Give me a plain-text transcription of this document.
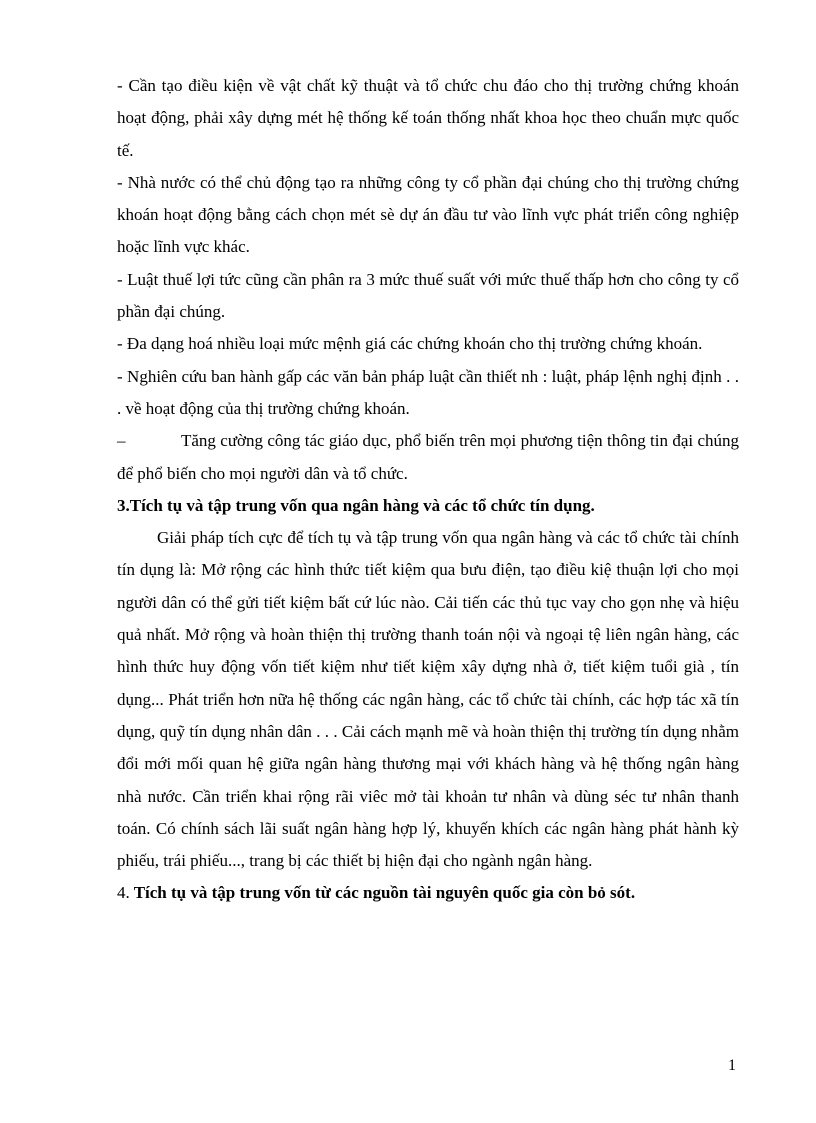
- Cần tạo điều kiện về vật chất kỹ thuật và tổ chức chu đáo cho thị trường chứng khoán hoạt động, phải xây dựng mét hệ thống kế toán thống nhất khoa học theo chuẩn mực quốc tế.

- Nhà nước có thể chủ động tạo ra những công ty cổ phần đại chúng cho thị trường chứng khoán hoạt động bằng cách chọn mét sè dự án đầu tư vào lĩnh vực phát triển công nghiệp hoặc lĩnh vực khác.

- Luật thuế lợi tức cũng cần phân ra 3 mức thuế suất với mức thuế thấp hơn cho công ty cổ phần đại chúng.

- Đa dạng hoá nhiều loại mức mệnh giá các chứng khoán cho thị trường chứng khoán.

- Nghiên cứu ban hành gấp các văn bản pháp luật cần thiết nh : luật, pháp lệnh nghị định . . . về hoạt động của thị trường chứng khoán.

–	Tăng cường công tác giáo dục, phổ biến trên mọi phương tiện thông tin đại chúng để phổ biến cho mọi người dân và tổ chức.

3.Tích tụ và tập trung vốn qua ngân hàng và các tổ chức tín dụng.

Giải pháp tích cực để tích tụ và tập trung vốn qua ngân hàng và các tổ chức tài chính tín dụng là: Mở rộng các hình thức tiết kiệm qua bưu điện, tạo điều kiệ thuận lợi cho mọi người dân có thể gửi tiết kiệm bất cứ lúc nào. Cải tiến các thủ tục vay cho gọn nhẹ và hiệu quả nhất. Mở rộng và hoàn thiện thị trường thanh toán nội và ngoại tệ liên ngân hàng, các hình thức huy động vốn tiết kiệm như tiết kiệm xây dựng nhà ở, tiết kiệm tuổi già , tín dụng... Phát triển hơn nữa hệ thống các ngân hàng, các tổ chức tài chính, các hợp tác xã tín dụng, quỹ tín dụng nhân dân . . . Cải cách mạnh mẽ và hoàn thiện thị trường tín dụng nhằm đổi mới mối quan hệ giữa ngân hàng thương mại với khách hàng và hệ thống ngân hàng nhà nước. Cần triển khai rộng rãi viêc mở tài khoản tư nhân và dùng séc tư nhân thanh toán. Có chính sách lãi suất ngân hàng hợp lý, khuyến khích các ngân hàng phát hành kỳ phiếu, trái phiếu..., trang bị các thiết bị hiện đại cho ngành ngân hàng.

4. Tích tụ và tập trung vốn từ các nguồn tài nguyên quốc gia còn bỏ sót.

1
